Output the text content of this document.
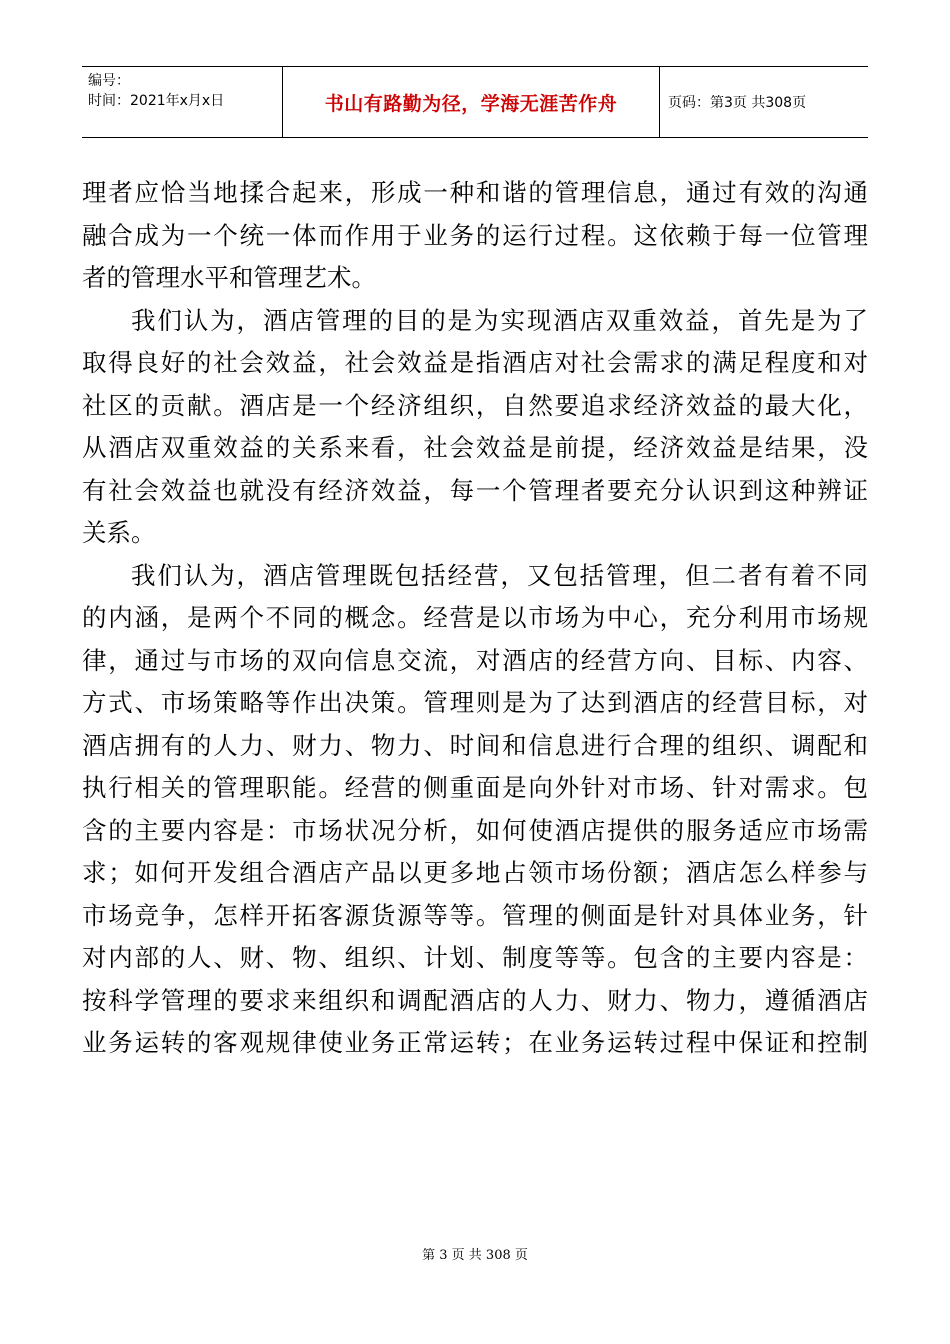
编号：
时间：2021年x月x日	书山有路勤为径，学海无涯苦作舟	页码：第3页 共308页
理者应恰当地揉合起来，形成一种和谐的管理信息，通过有效的沟通
融合成为一个统一体而作用于业务的运行过程。这依赖于每一位管理
者的管理水平和管理艺术。
我们认为，酒店管理的目的是为实现酒店双重效益，首先是为了
取得良好的社会效益，社会效益是指酒店对社会需求的满足程度和对
社区的贡献。酒店是一个经济组织，自然要追求经济效益的最大化，
从酒店双重效益的关系来看，社会效益是前提，经济效益是结果，没
有社会效益也就没有经济效益，每一个管理者要充分认识到这种辨证
关系。
我们认为，酒店管理既包括经营，又包括管理，但二者有着不同
的内涵，是两个不同的概念。经营是以市场为中心，充分利用市场规
律，通过与市场的双向信息交流，对酒店的经营方向、目标、内容、
方式、市场策略等作出决策。管理则是为了达到酒店的经营目标，对
酒店拥有的人力、财力、物力、时间和信息进行合理的组织、调配和
执行相关的管理职能。经营的侧重面是向外针对市场、针对需求。包
含的主要内容是：市场状况分析，如何使酒店提供的服务适应市场需
求；如何开发组合酒店产品以更多地占领市场份额；酒店怎么样参与
市场竞争，怎样开拓客源货源等等。管理的侧面是针对具体业务，针
对内部的人、财、物、组织、计划、制度等等。包含的主要内容是：
按科学管理的要求来组织和调配酒店的人力、财力、物力，遵循酒店
业务运转的客观规律使业务正常运转；在业务运转过程中保证和控制
第 3 页 共 308 页
